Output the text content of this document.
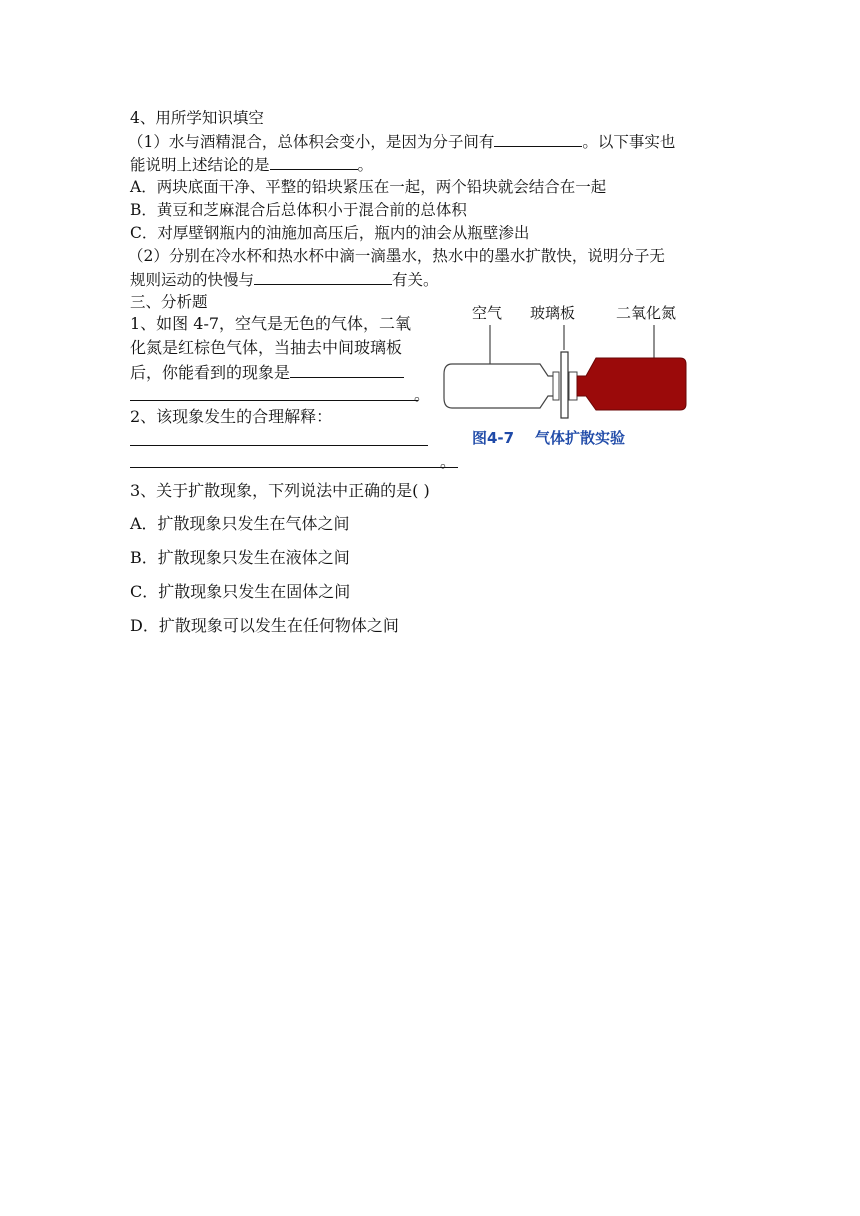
4、用所学知识填空
（1）水与酒精混合，总体积会变小，是因为分子间有	。以下事实也
能说明上述结论的是	。
A．两块底面干净、平整的铅块紧压在一起，两个铅块就会结合在一起
B．黄豆和芝麻混合后总体积小于混合前的总体积
C．对厚壁钢瓶内的油施加高压后，瓶内的油会从瓶壁渗出
（2）分别在冷水杯和热水杯中滴一滴墨水，热水中的墨水扩散快，说明分子无
规则运动的快慢与	有关。
三、分析题
1、如图 4-7，空气是无色的气体，二氧
化氮是红棕色气体，当抽去中间玻璃板
后，你能看到的现象是
。
2、该现象发生的合理解释：
。
3、关于扩散现象，下列说法中正确的是( )
A．扩散现象只发生在气体之间
B．扩散现象只发生在液体之间
C．扩散现象只发生在固体之间
D．扩散现象可以发生在任何物体之间
空气 玻璃板	二氧化氮
图4-7    气体扩散实验
